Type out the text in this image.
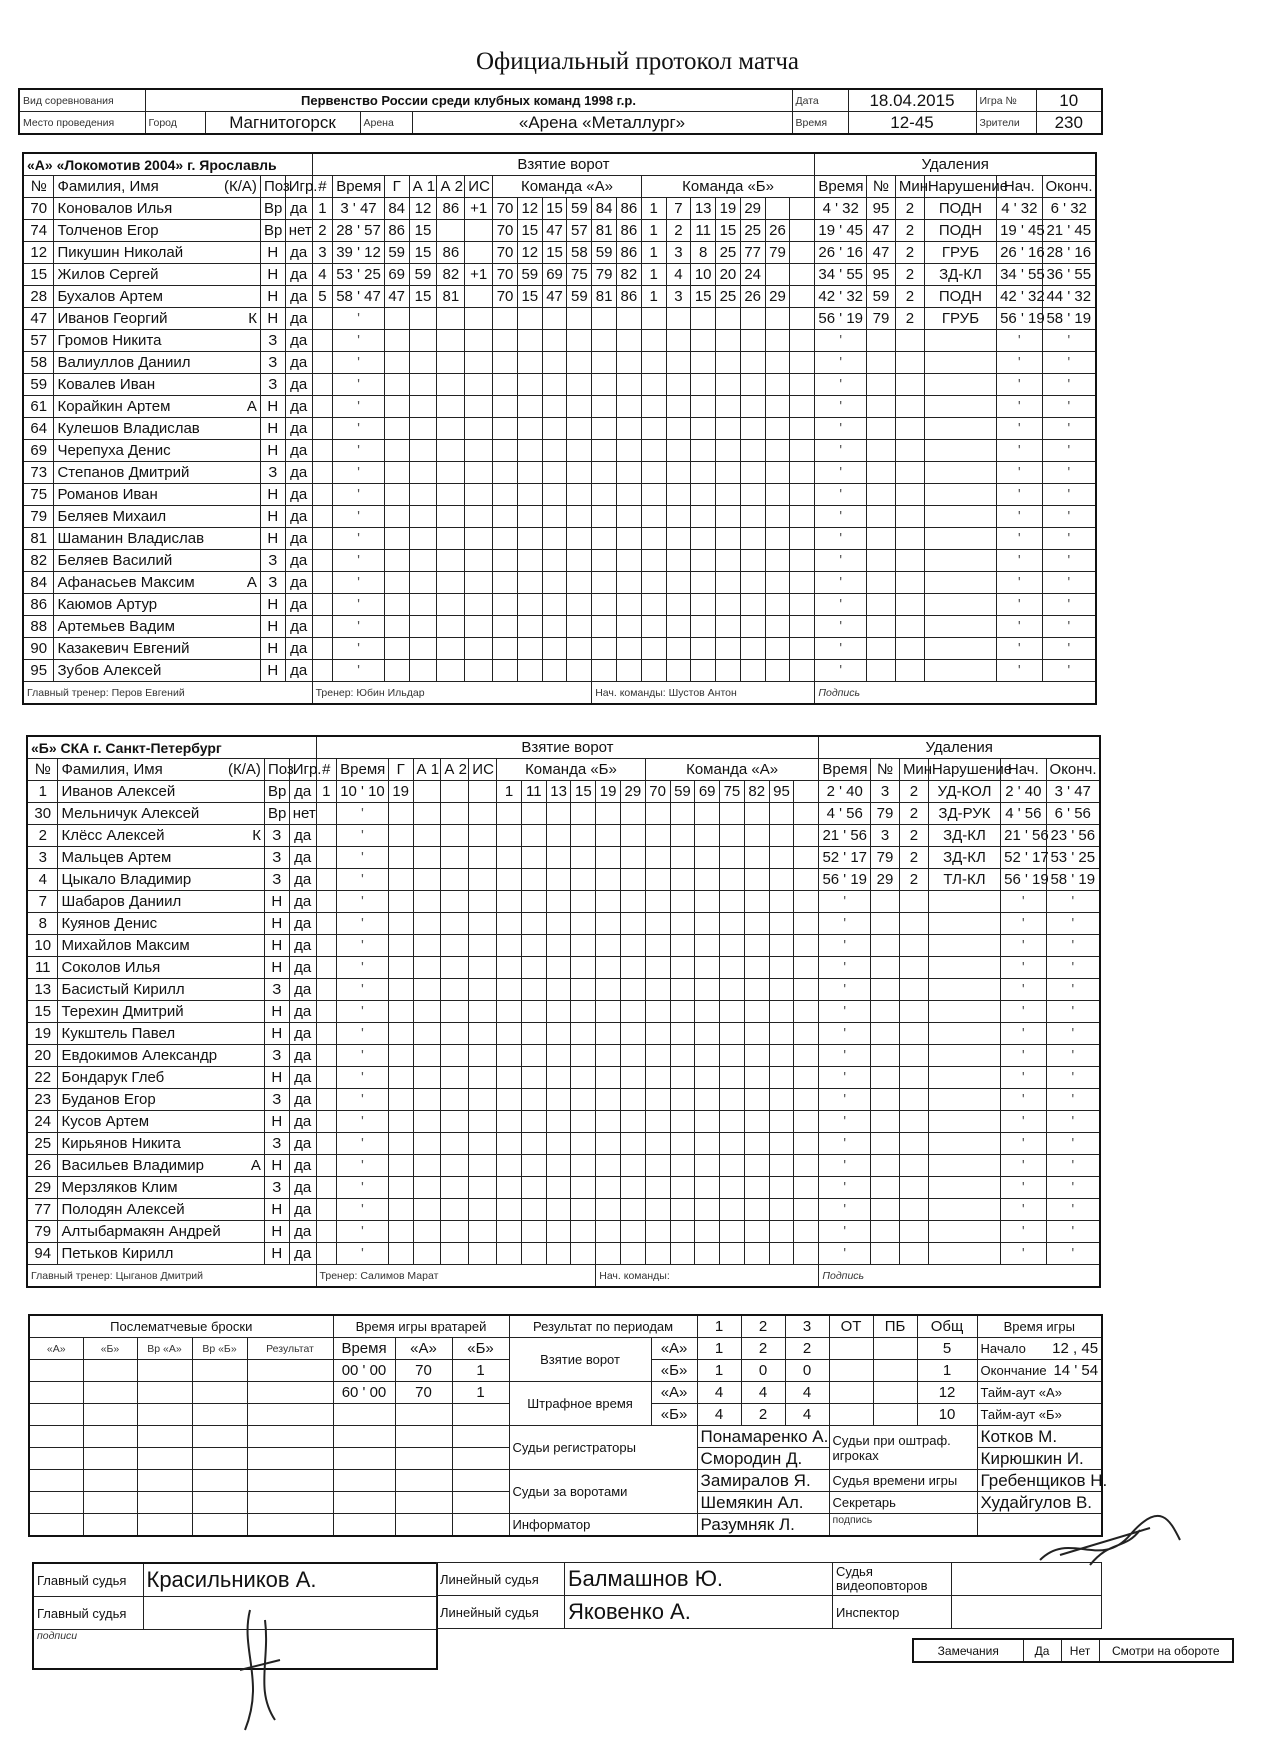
Официальный протокол матча
Вид соревнования	Первенство России среди клубных команд 1998 г.р.				Дата	18.04.2015	Игра №	10
Место проведения	Город	Магнитогорск	Арена	«Арена «Металлург»	Время	12-45	Зрители	230
«А» «Локомотив 2004» г. Ярославль				Взятие ворот																			Удаления					
№	Фамилия, Имя (К/А)	Поз	Игр.	#	Время	Г	А 1	А 2	ИС	Команда «А»						Команда «Б»							Время	№	Мин	Нарушение	Нач.	Оконч.
70	Коновалов Илья	Вр	да	1	3 ' 47	84	12	86	+1	70	12	15	59	84	86	1	7	13	19	29			4 ' 32	95	2	ПОДН	4 ' 32	6 ' 32
74	Толченов Егор	Вр	нет	2	28 ' 57	86	15			70	15	47	57	81	86	1	2	11	15	25	26		19 ' 45	47	2	ПОДН	19 ' 45	21 ' 45
12	Пикушин Николай	Н	да	3	39 ' 12	59	15	86		70	12	15	58	59	86	1	3	8	25	77	79		26 ' 16	47	2	ГРУБ	26 ' 16	28 ' 16
15	Жилов Сергей	Н	да	4	53 ' 25	69	59	82	+1	70	59	69	75	79	82	1	4	10	20	24			34 ' 55	95	2	ЗД-КЛ	34 ' 55	36 ' 55
28	Бухалов Артем	Н	да	5	58 ' 47	47	15	81		70	15	47	59	81	86	1	3	15	25	26	29		42 ' 32	59	2	ПОДН	42 ' 32	44 ' 32
47	Иванов Георгий К	Н	да		'																		56 ' 19	79	2	ГРУБ	56 ' 19	58 ' 19
57	Громов Никита	З	да		'																		'				'	'

58	Валиуллов Даниил	З	да		'																		'				'	'

59	Ковалев Иван	З	да		'																		'				'	'

61	Корайкин Артем А	Н	да		'																		'				'	'

64	Кулешов Владислав	Н	да		'																		'				'	'

69	Черепуха Денис	Н	да		'																		'				'	'

73	Степанов Дмитрий	З	да		'																		'				'	'

75	Романов Иван	Н	да		'																		'				'	'

79	Беляев Михаил	Н	да		'																		'				'	'

81	Шаманин Владислав	Н	да		'																		'				'	'

82	Беляев Василий	З	да		'																		'				'	'

84	Афанасьев Максим А	З	да		'																		'				'	'

86	Каюмов Артур	Н	да		'																		'				'	'

88	Артемьев Вадим	Н	да		'																		'				'	'

90	Казакевич Евгений	Н	да		'																		'				'	'

95	Зубов Алексей	Н	да		'																		'				'	'

Главный тренер: Перов Евгений				Тренер: Юбин Ильдар										Нач. команды: Шустов Антон									Подпись					
«Б» СКА г. Санкт-Петербург				Взятие ворот																			Удаления					
№	Фамилия, Имя (К/А)	Поз	Игр.	#	Время	Г	А 1	А 2	ИС	Команда «Б»						Команда «А»							Время	№	Мин	Нарушение	Нач.	Оконч.
1	Иванов Алексей	Вр	да	1	10 ' 10	19				1	11	13	15	19	29	70	59	69	75	82	95		2 ' 40	3	2	УД-КОЛ	2 ' 40	3 ' 47
30	Мельничук Алексей	Вр	нет		'																		4 ' 56	79	2	ЗД-РУК	4 ' 56	6 ' 56
2	Клёсс Алексей К	З	да		'																		21 ' 56	3	2	ЗД-КЛ	21 ' 56	23 ' 56
3	Мальцев Артем	З	да		'																		52 ' 17	79	2	ЗД-КЛ	52 ' 17	53 ' 25
4	Цыкало Владимир	З	да		'																		56 ' 19	29	2	ТЛ-КЛ	56 ' 19	58 ' 19
7	Шабаров Даниил	Н	да		'																		'				'	'

8	Куянов Денис	Н	да		'																		'				'	'

10	Михайлов Максим	Н	да		'																		'				'	'

11	Соколов Илья	Н	да		'																		'				'	'

13	Басистый Кирилл	З	да		'																		'				'	'

15	Терехин Дмитрий	Н	да		'																		'				'	'

19	Кукштель Павел	Н	да		'																		'				'	'

20	Евдокимов Александр	З	да		'																		'				'	'

22	Бондарук Глеб	Н	да		'																		'				'	'

23	Буданов Егор	З	да		'																		'				'	'

24	Кусов Артем	Н	да		'																		'				'	'

25	Кирьянов Никита	З	да		'																		'				'	'

26	Васильев Владимир А	Н	да		'																		'				'	'

29	Мерзляков Клим	З	да		'																		'				'	'

77	Полодян Алексей	Н	да		'																		'				'	'

79	Алтыбармакян Андрей	Н	да		'																		'				'	'

94	Петьков Кирилл	Н	да		'																		'				'	'

Главный тренер: Цыганов Дмитрий				Тренер: Салимов Марат										Нач. команды:									Подпись					
Послематчевые броски					Время игры вратарей			Результат по периодам		1	2	3	ОТ	ПБ	Общ	Время игры
«А»	«Б»	Вр «А»	Вр «Б»	Результат	Время	«А»	«Б»	Взятие ворот	«А»	1	2	2			5	Начало 12 , 45

					00 ' 00	70	1		«Б»	1	0	0			1	Окончание 14 ' 54

					60 ' 00	70	1	Штрафное время	«А»	4	4	4			12	Тайм-аут «А»
									«Б»	4	2	4			10	Тайм-аут «Б»
								Судьи регистраторы		Понамаренко А.			Судьи при оштраф. игроках			Котков М.
										Смородин Д.						Кирюшкин И.
								Судьи за воротами		Замиралов Я.			Судья времени игры			Гребенщиков Н.
										Шемякин Ал.			Секретарь			Худайгулов В.
								Информатор		Разумняк Л.			подпись			
Главный судья	Красильников А.
Главный судья	
подписи	
Линейный судья	Балмашнов Ю.	Судья видеоповторов	
Линейный судья	Яковенко А.	Инспектор	
Замечания	Да	Нет	Смотри на обороте
